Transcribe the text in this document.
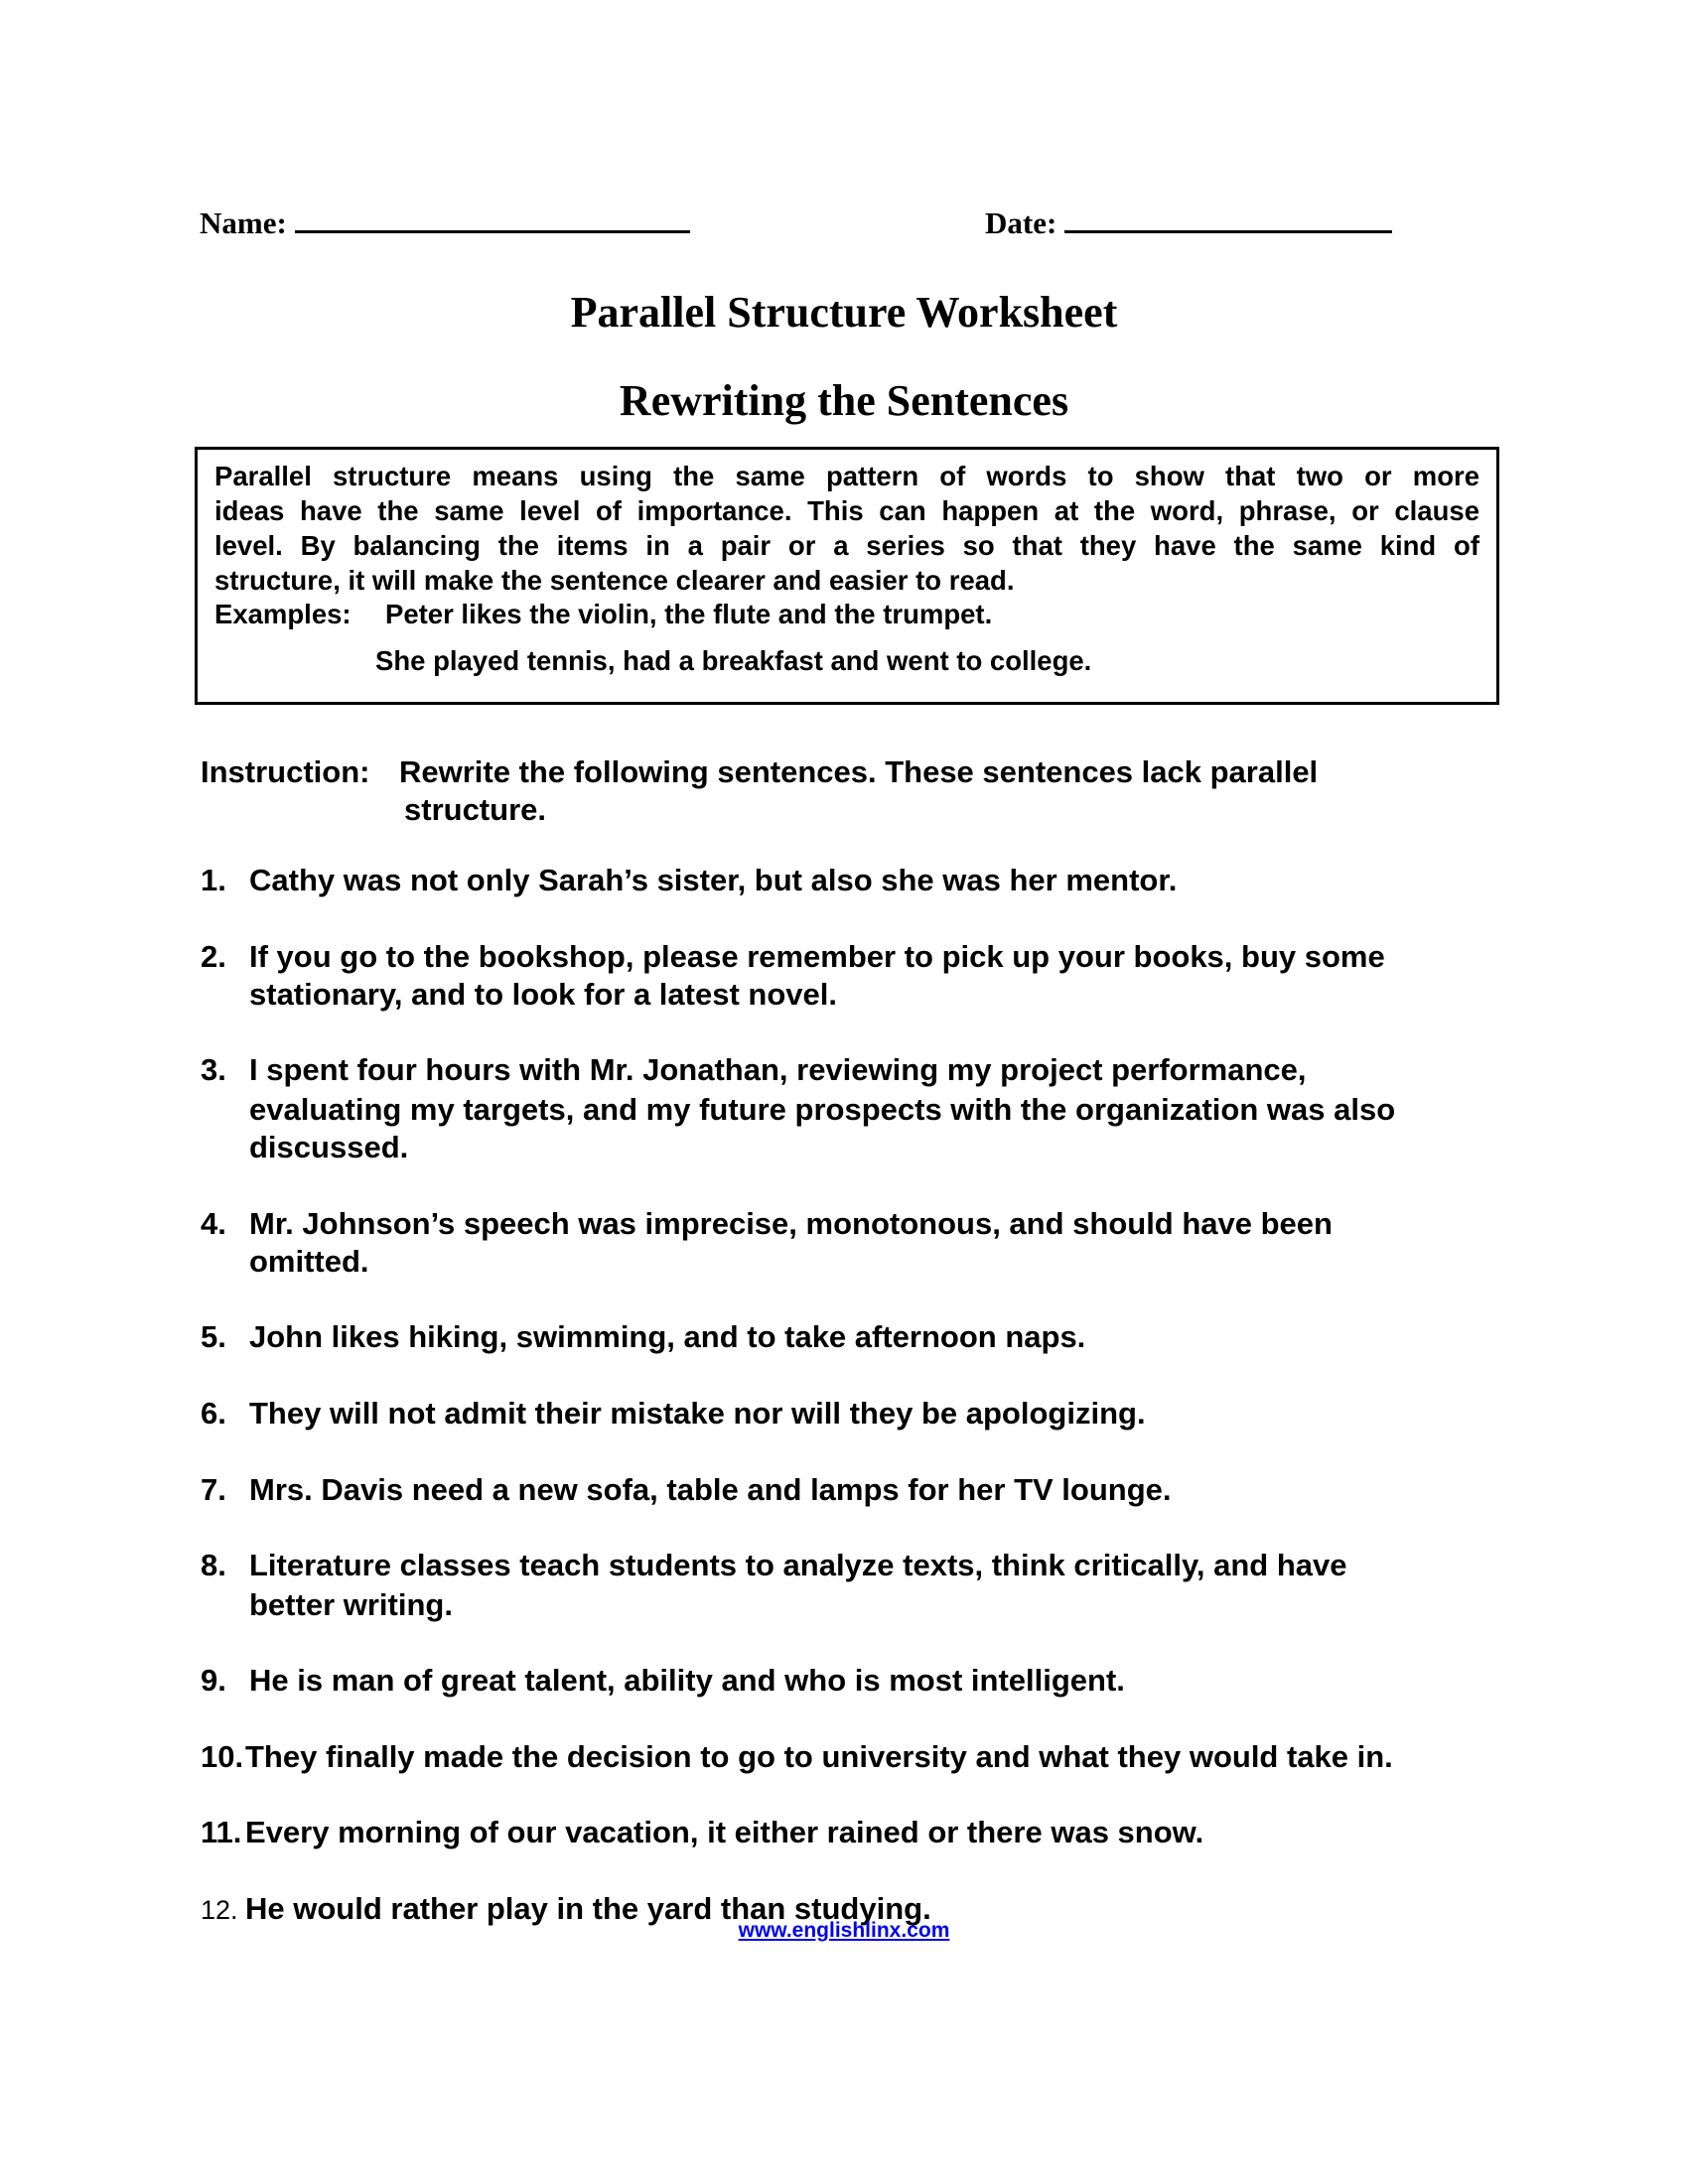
Name:	Date:
Parallel Structure Worksheet
Rewriting the Sentences
Parallel structure means using the same pattern of words to show that two or more
ideas have the same level of importance. This can happen at the word, phrase, or clause
level. By balancing the items in a pair or a series so that they have the same kind of
structure, it will make the sentence clearer and easier to read.
Examples:	Peter likes the violin, the flute and the trumpet.
She played tennis, had a breakfast and went to college.
Instruction: Rewrite the following sentences. These sentences lack parallel
structure.
1. Cathy was not only Sarah’s sister, but also she was her mentor.
2. If you go to the bookshop, please remember to pick up your books, buy some
stationary, and to look for a latest novel.
3. I spent four hours with Mr. Jonathan, reviewing my project performance,
evaluating my targets, and my future prospects with the organization was also
discussed.
4. Mr. Johnson’s speech was imprecise, monotonous, and should have been
omitted.
5. John likes hiking, swimming, and to take afternoon naps.
6. They will not admit their mistake nor will they be apologizing.
7. Mrs. Davis need a new sofa, table and lamps for her TV lounge.
8. Literature classes teach students to analyze texts, think critically, and have
better writing.
9. He is man of great talent, ability and who is most intelligent.
10. They finally made the decision to go to university and what they would take in.
11. Every morning of our vacation, it either rained or there was snow.
12. He would rather play in the yard than studying.
www.englishlinx.com
